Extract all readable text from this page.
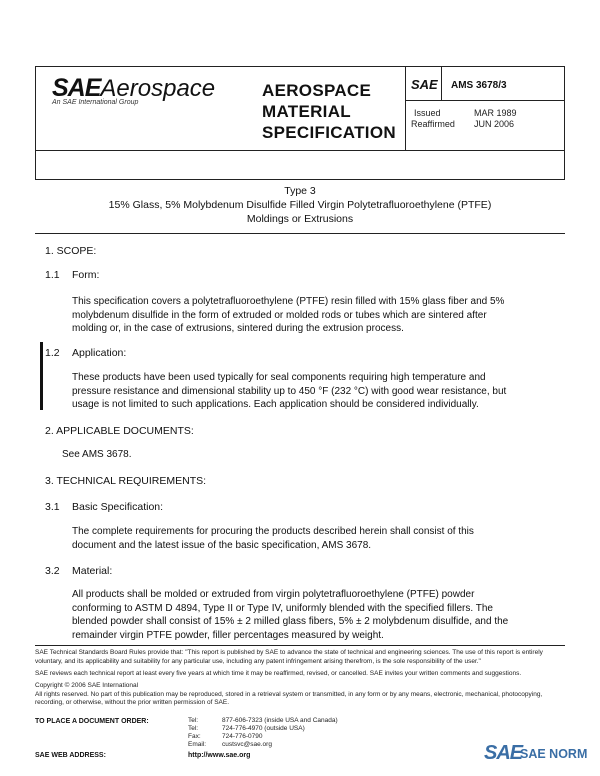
SAEAerospace
An SAE International Group
AEROSPACE
MATERIAL
SPECIFICATION
SAE AMS 3678/3
Issued	MAR 1989
Reaffirmed JUN 2006
Type 3
15% Glass, 5% Molybdenum Disulfide Filled Virgin Polytetrafluoroethylene (PTFE)
Moldings or Extrusions
1. SCOPE:
1.1 Form:
This specification covers a polytetrafluoroethylene (PTFE) resin filled with 15% glass fiber and 5%
molybdenum disulfide in the form of extruded or molded rods or tubes which are sintered after
molding or, in the case of extrusions, sintered during the extrusion process.
1.2 Application:
These products have been used typically for seal components requiring high temperature and
pressure resistance and dimensional stability up to 450 °F (232 °C) with good wear resistance, but
usage is not limited to such applications. Each application should be considered individually.
2. APPLICABLE DOCUMENTS:
See AMS 3678.
3. TECHNICAL REQUIREMENTS:
3.1 Basic Specification:
The complete requirements for procuring the products described herein shall consist of this
document and the latest issue of the basic specification, AMS 3678.
3.2 Material:
All products shall be molded or extruded from virgin polytetrafluoroethylene (PTFE) powder
conforming to ASTM D 4894, Type II or Type IV, uniformly blended with the specified fillers. The
blended powder shall consist of 15% ± 2 milled glass fibers, 5% ± 2 molybdenum disulfide, and the
remainder virgin PTFE powder, filler percentages measured by weight.
SAE Technical Standards Board Rules provide that: "This report is published by SAE to advance the state of technical and engineering sciences. The use of this report is entirely
voluntary, and its applicability and suitability for any particular use, including any patent infringement arising therefrom, is the sole responsibility of the user."
SAE reviews each technical report at least every five years at which time it may be reaffirmed, revised, or cancelled. SAE invites your written comments and suggestions.
Copyright © 2006 SAE International
All rights reserved. No part of this publication may be reproduced, stored in a retrieval system or transmitted, in any form or by any means, electronic, mechanical, photocopying,
recording, or otherwise, without the prior written permission of SAE.
TO PLACE A DOCUMENT ORDER:	Tel:	877-606-7323 (inside USA and Canada)
Tel:	724-776-4970 (outside USA)
Fax:	724-776-0790
Email: custsvc@sae.org
SAE WEB ADDRESS:	http://www.sae.org	SAE
SAE NORM
